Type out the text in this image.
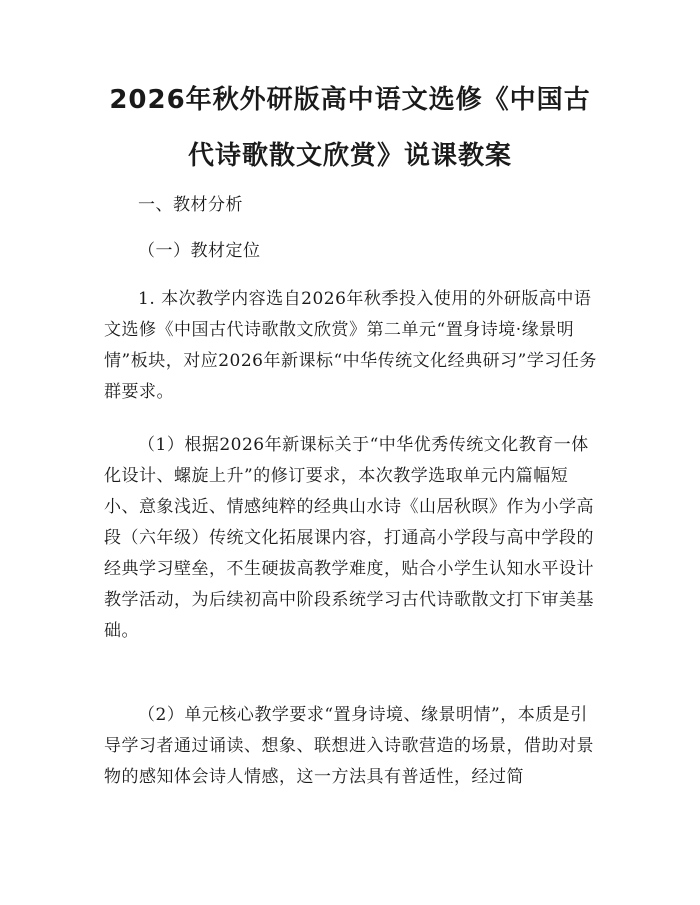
2026年秋外研版高中语文选修《中国古代诗歌散文欣赏》说课教案

一、教材分析

（一）教材定位

1. 本次教学内容选自2026年秋季投入使用的外研版高中语文选修《中国古代诗歌散文欣赏》第二单元“置身诗境·缘景明情”板块，对应2026年新课标“中华传统文化经典研习”学习任务群要求。

（1）根据2026年新课标关于“中华优秀传统文化教育一体化设计、螺旋上升”的修订要求，本次教学选取单元内篇幅短小、意象浅近、情感纯粹的经典山水诗《山居秋暝》作为小学高段（六年级）传统文化拓展课内容，打通高小学段与高中学段的经典学习壁垒，不生硬拔高教学难度，贴合小学生认知水平设计教学活动，为后续初高中阶段系统学习古代诗歌散文打下审美基础。

（2）单元核心教学要求“置身诗境、缘景明情”，本质是引导学习者通过诵读、想象、联想进入诗歌营造的场景，借助对景物的感知体会诗人情感，这一方法具有普适性，经过简
